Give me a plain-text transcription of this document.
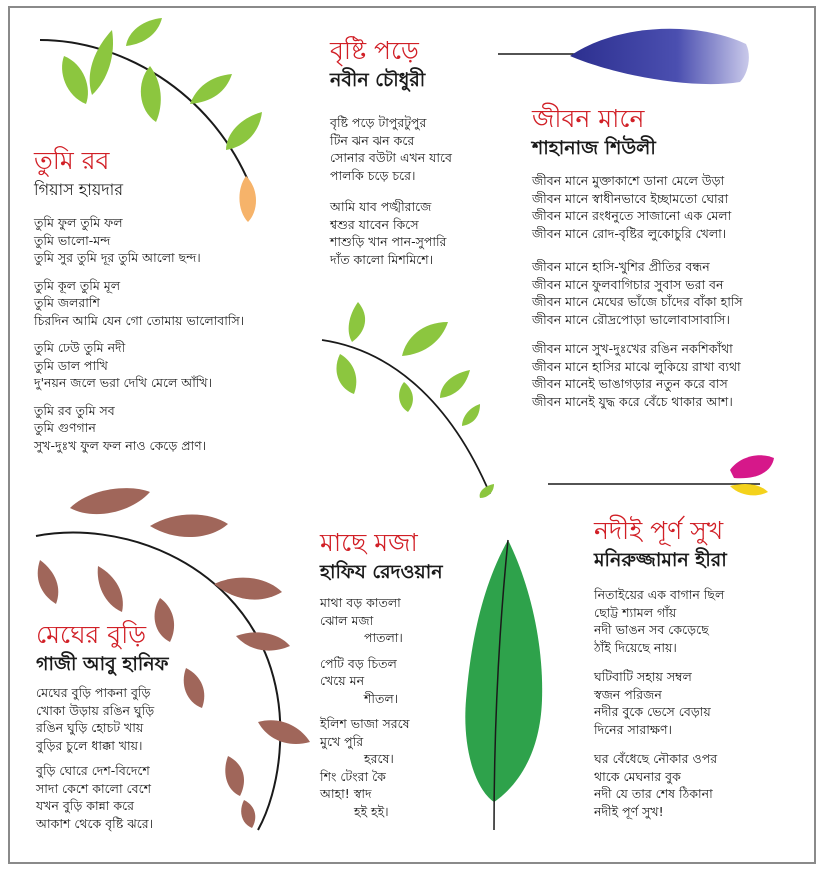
তুমি রব
গিয়াস হায়দার
তুমি ফুল তুমি ফল
তুমি ভালো-মন্দ
তুমি সুর তুমি দূর তুমি আলো ছন্দ।
তুমি কূল তুমি মূল
তুমি জলরাশি
চিরদিন আমি যেন গো তোমায় ভালোবাসি।
তুমি ঢেউ তুমি নদী
তুমি ডাল পাখি
দু'নয়ন জলে ভরা দেখি মেলে আঁখি।
তুমি রব তুমি সব
তুমি গুণগান
সুখ-দুঃখ ফুল ফল নাও কেড়ে প্রাণ।
বৃষ্টি পড়ে
নবীন চৌধুরী
বৃষ্টি পড়ে টাপুরটুপুর
টিন ঝন ঝন করে
সোনার বউটা এখন যাবে
পালকি চড়ে চরে।
আমি যাব পঙ্খীরাজে
শ্বশুর যাবেন কিসে
শাশুড়ি খান পান-সুপারি
দাঁত কালো মিশমিশে।
জীবন মানে
শাহানাজ শিউলী
জীবন মানে মুক্তাকাশে ডানা মেলে উড়া
জীবন মানে স্বাধীনভাবে ইচ্ছামতো ঘোরা
জীবন মানে রংধনুতে সাজানো এক মেলা
জীবন মানে রোদ-বৃষ্টির লুকোচুরি খেলা।
জীবন মানে হাসি-খুশির প্রীতির বন্ধন
জীবন মানে ফুলবাগিচার সুবাস ভরা বন
জীবন মানে মেঘের ভাঁজে চাঁদের বাঁকা হাসি
জীবন মানে রৌদ্রপোড়া ভালোবাসাবাসি।
জীবন মানে সুখ-দুঃখের রঙিন নকশিকাঁথা
জীবন মানে হাসির মাঝে লুকিয়ে রাখা ব্যথা
জীবন মানেই ভাঙাগড়ার নতুন করে বাস
জীবন মানেই যুদ্ধ করে বেঁচে থাকার আশ।
মেঘের বুড়ি
গাজী আবু হানিফ
মেঘের বুড়ি পাকনা বুড়ি
খোকা উড়ায় রঙিন ঘুড়ি
রঙিন ঘুড়ি হোচট খায়
বুড়ির চুলে ধাক্কা খায়।
বুড়ি ঘোরে দেশ-বিদেশে
সাদা কেশে কালো বেশে
যখন বুড়ি কান্না করে
আকাশ থেকে বৃষ্টি ঝরে।
মাছে মজা
হাফিয রেদওয়ান
মাথা বড় কাতলা
ঝোল মজা
পাতলা।
পেটি বড় চিতল
খেয়ে মন
শীতল।
ইলিশ ভাজা সরষে
মুখে পুরি
হরষে।
শিং টেংরা কৈ
আহা! স্বাদ
হই হই।
নদীই পূর্ণ সুখ
মনিরুজ্জামান হীরা
নিতাইয়ের এক বাগান ছিল
ছোট্ট শ্যামল গাঁয়
নদী ভাঙন সব কেড়েছে
ঠাঁই দিয়েছে নায়।
ঘটিবাটি সহায় সম্বল
স্বজন পরিজন
নদীর বুকে ভেসে বেড়ায়
দিনের সারাক্ষণ।
ঘর বেঁধেছে নৌকার ওপর
থাকে মেঘনার বুক
নদী যে তার শেষ ঠিকানা
নদীই পূর্ণ সুখ!
